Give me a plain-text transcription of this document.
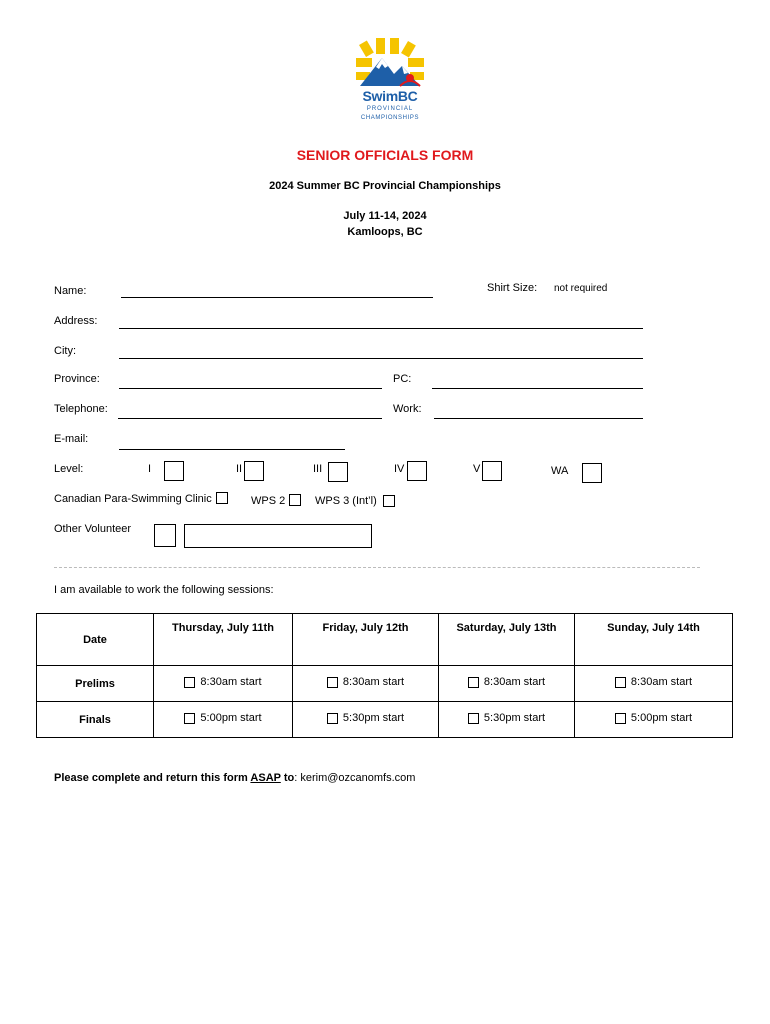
SwimBC
PROVINCIAL
CHAMPIONSHIPS
SENIOR OFFICIALS FORM
2024 Summer BC Provincial Championships
July 11-14, 2024
Kamloops, BC
Name:	Shirt Size: not required
Address:
City:
Province:	PC:
Telephone:	Work:
E-mail:
Level:	I	II	III	IV	V	WA
Canadian Para-Swimming Clinic	WPS 2	WPS 3 (Int’l)
Other Volunteer
I am available to work the following sessions:
Date	Thursday, July 11th	Friday, July 12th	Saturday, July 13th	Sunday, July 14th
Prelims	8:30am start	8:30am start	8:30am start	8:30am start

Finals	5:00pm start	5:30pm start	5:30pm start	5:00pm start
Please complete and return this form ASAP to: kerim@ozcanomfs.com
